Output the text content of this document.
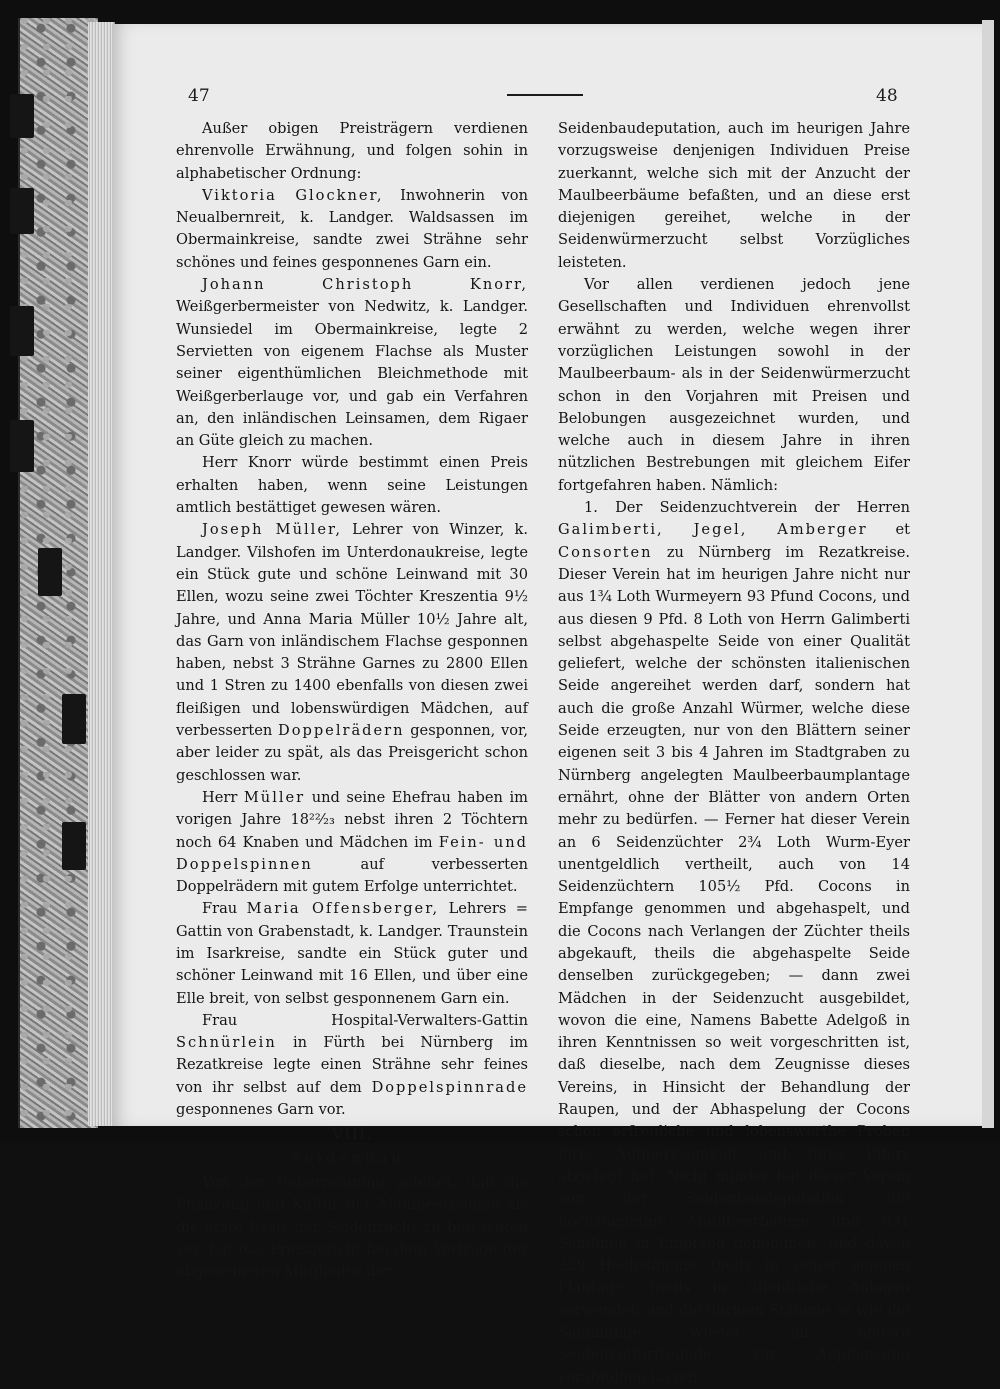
47	48

Außer obigen Preisträgern verdienen ehrenvolle Erwähnung, und folgen sohin in alphabetischer Ordnung:

Viktoria Glockner, Inwohnerin von Neualbernreit, k. Landger. Waldsassen im Obermainkreise, sandte zwei Strähne sehr schönes und feines gesponnenes Garn ein.

Johann Christoph Knorr, Weißgerbermeister von Nedwitz, k. Landger. Wunsiedel im Obermainkreise, legte 2 Servietten von eigenem Flachse als Muster seiner eigenthümlichen Bleichmethode mit Weißgerberlauge vor, und gab ein Verfahren an, den inländischen Leinsamen, dem Rigaer an Güte gleich zu machen.

Herr Knorr würde bestimmt einen Preis erhalten haben, wenn seine Leistungen amtlich bestättiget gewesen wären.

Joseph Müller, Lehrer von Winzer, k. Landger. Vilshofen im Unterdonaukreise, legte ein Stück gute und schöne Leinwand mit 30 Ellen, wozu seine zwei Töchter Kreszentia 9½ Jahre, und Anna Maria Müller 10½ Jahre alt, das Garn von inländischem Flachse gesponnen haben, nebst 3 Strähne Garnes zu 2800 Ellen und 1 Stren zu 1400 ebenfalls von diesen zwei fleißigen und lobenswürdigen Mädchen, auf verbesserten Doppelrädern gesponnen, vor, aber leider zu spät, als das Preisgericht schon geschlossen war.

Herr Müller und seine Ehefrau haben im vorigen Jahre 18²²⁄₂₃ nebst ihren 2 Töchtern noch 64 Knaben und Mädchen im Fein- und Doppelspinnen auf verbesserten Doppelrädern mit gutem Erfolge unterrichtet.

Frau Maria Offensberger, Lehrers = Gattin von Grabenstadt, k. Landger. Traunstein im Isarkreise, sandte ein Stück guter und schöner Leinwand mit 16 Ellen, und über eine Elle breit, von selbst gesponnenem Garn ein.

Frau Hospital-Verwalters-Gattin Schnürlein in Fürth bei Nürnberg im Rezatkreise legte einen Strähne sehr feines von ihr selbst auf dem Doppelspinnrade gesponnenes Garn vor.

VIII.

Seidenbau.

Von der Ueberzeugung geleitet, daß die Pflanzung und Kultur der Maulbeerbäume als die erste Basis der Seidenzucht zu betrachten sey, hat das Preisgericht bei dem Vortrage der abgeordneten Mitglieder der

Seidenbaudeputation, auch im heurigen Jahre vorzugsweise denjenigen Individuen Preise zuerkannt, welche sich mit der Anzucht der Maulbeerbäume befaßten, und an diese erst diejenigen gereihet, welche in der Seidenwürmerzucht selbst Vorzügliches leisteten.

Vor allen verdienen jedoch jene Gesellschaften und Individuen ehrenvollst erwähnt zu werden, welche wegen ihrer vorzüglichen Leistungen sowohl in der Maulbeerbaum- als in der Seidenwürmerzucht schon in den Vorjahren mit Preisen und Belobungen ausgezeichnet wurden, und welche auch in diesem Jahre in ihren nützlichen Bestrebungen mit gleichem Eifer fortgefahren haben. Nämlich:

1. Der Seidenzuchtverein der Herren Galimberti, Jegel, Amberger et Consorten zu Nürnberg im Rezatkreise. Dieser Verein hat im heurigen Jahre nicht nur aus 1¾ Loth Wurmeyern 93 Pfund Cocons, und aus diesen 9 Pfd. 8 Loth von Herrn Galimberti selbst abgehaspelte Seide von einer Qualität geliefert, welche der schönsten italienischen Seide angereihet werden darf, sondern hat auch die große Anzahl Würmer, welche diese Seide erzeugten, nur von den Blättern seiner eigenen seit 3 bis 4 Jahren im Stadtgraben zu Nürnberg angelegten Maulbeerbaumplantage ernährt, ohne der Blätter von andern Orten mehr zu bedürfen. — Ferner hat dieser Verein an 6 Seidenzüchter 2¾ Loth Wurm-Eyer unentgeldlich vertheilt, auch von 14 Seidenzüchtern 105½ Pfd. Cocons in Empfange genommen und abgehaspelt, und die Cocons nach Verlangen der Züchter theils abgekauft, theils die abgehaspelte Seide denselben zurückgegeben; — dann zwei Mädchen in der Seidenzucht ausgebildet, wovon die eine, Namens Babette Adelgoß in ihren Kenntnissen so weit vorgeschritten ist, daß dieselbe, nach dem Zeugnisse dieses Vereins, in Hinsicht der Behandlung der Raupen, und der Abhaspelung der Cocons schon erfreuliche und lobenswerthe Proben ihrer Aufmerksamkeit und ihres Eifers abgelegt hat. Nicht minder hat dieser Verein von der Seidenbaudeputation 300 hochstämmige Maulbeerbäume und 831 Sämlinge in Empfang genommen, und davon 229 Hochstämme theils in seiner eigenen Plantage, theils in öffentliche Anlagen verwendet, und die übrigen Stämme so wie die Sämmlinge wieder an andere Seidenkulturfreunde zur Anpflanzung verabfolgen lassen.
